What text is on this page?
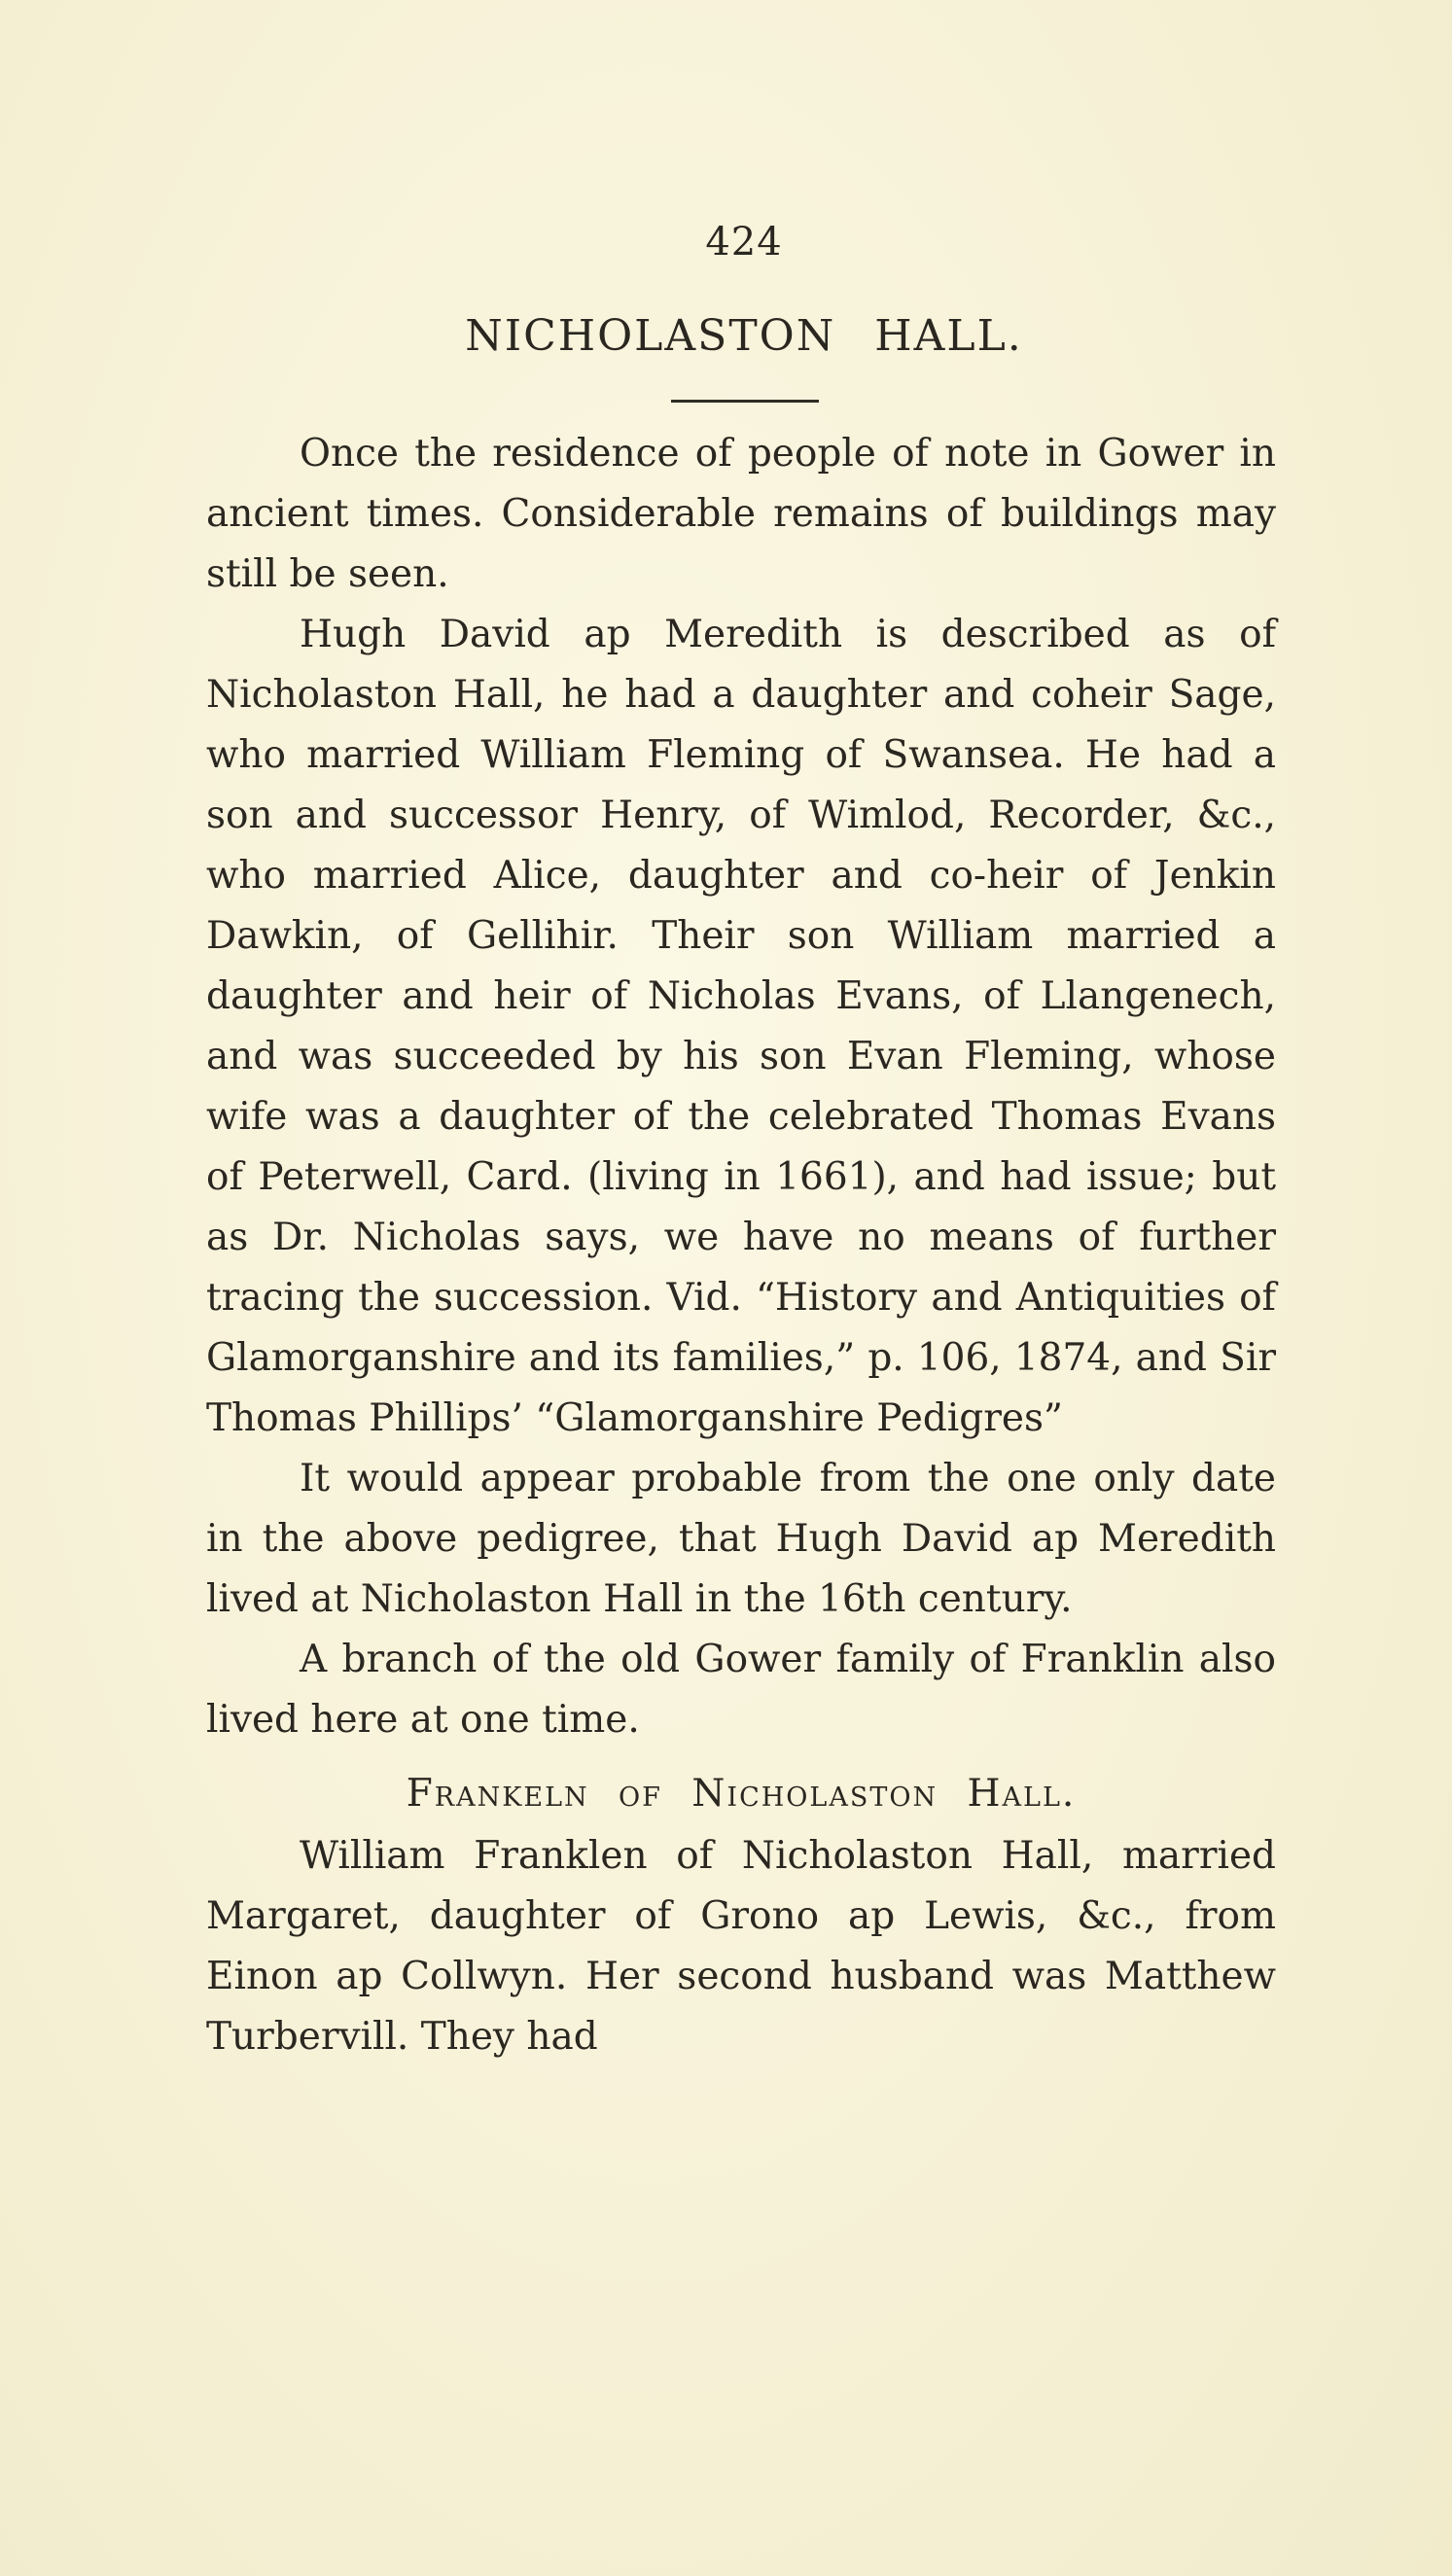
424
NICHOLASTON HALL.

Once the residence of people of note in Gower in ancient times. Considerable remains of buildings may still be seen.

Hugh David ap Meredith is described as of Nicholaston Hall, he had a daughter and coheir Sage, who married William Fleming of Swansea. He had a son and successor Henry, of Wimlod, Recorder, &c., who married Alice, daughter and co-heir of Jenkin Dawkin, of Gellihir. Their son William married a daughter and heir of Nicholas Evans, of Llangenech, and was succeeded by his son Evan Fleming, whose wife was a daughter of the celebrated Thomas Evans of Peterwell, Card. (living in 1661), and had issue; but as Dr. Nicholas says, we have no means of further tracing the succession. Vid. “History and Antiquities of Glamorganshire and its families,” p. 106, 1874, and Sir Thomas Phillips’ “Glamorganshire Pedigres”

It would appear probable from the one only date in the above pedigree, that Hugh David ap Meredith lived at Nicholaston Hall in the 16th century.

A branch of the old Gower family of Franklin also lived here at one time.

Frankeln of Nicholaston Hall.

William Franklen of Nicholaston Hall, married Margaret, daughter of Grono ap Lewis, &c., from Einon ap Collwyn. Her second husband was Matthew Turbervill. They had
